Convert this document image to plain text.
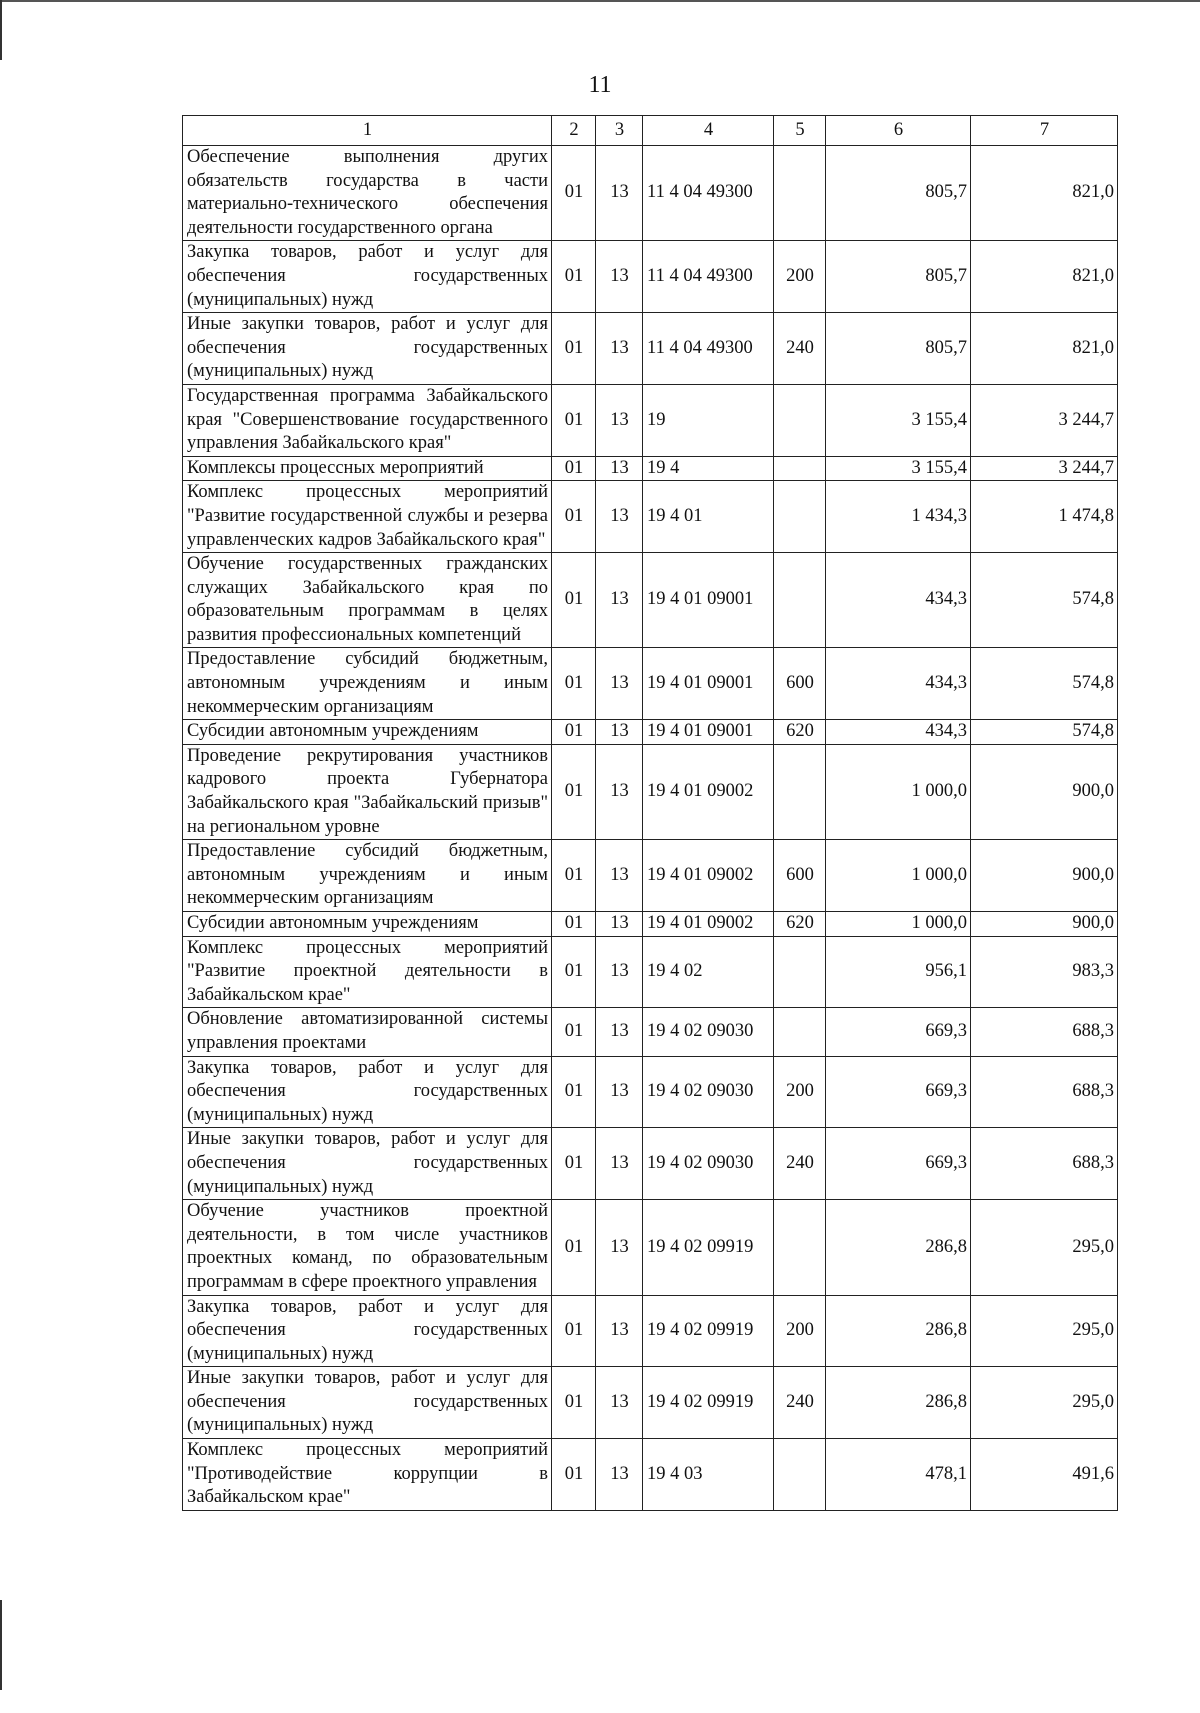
11
1	2	3	4	5	6	7
Обеспечение выполнения других обязательств государства в части материально-технического обеспечения деятельности государственного органа	01	13	11 4 04 49300		805,7	821,0
Закупка товаров, работ и услуг для обеспечения государственных (муниципальных) нужд	01	13	11 4 04 49300	200	805,7	821,0
Иные закупки товаров, работ и услуг для обеспечения государственных (муниципальных) нужд	01	13	11 4 04 49300	240	805,7	821,0
Государственная программа Забайкальского края "Совершенствование государственного управления Забайкальского края"	01	13	19		3 155,4	3 244,7
Комплексы процессных мероприятий	01	13	19 4		3 155,4	3 244,7
Комплекс процессных мероприятий "Развитие государственной службы и резерва управленческих кадров Забайкальского края"	01	13	19 4 01		1 434,3	1 474,8
Обучение государственных гражданских служащих Забайкальского края по образовательным программам в целях развития профессиональных компетенций	01	13	19 4 01 09001		434,3	574,8
Предоставление субсидий бюджетным, автономным учреждениям и иным некоммерческим организациям	01	13	19 4 01 09001	600	434,3	574,8
Субсидии автономным учреждениям	01	13	19 4 01 09001	620	434,3	574,8
Проведение рекрутирования участников кадрового проекта Губернатора Забайкальского края "Забайкальский призыв" на региональном уровне	01	13	19 4 01 09002		1 000,0	900,0
Предоставление субсидий бюджетным, автономным учреждениям и иным некоммерческим организациям	01	13	19 4 01 09002	600	1 000,0	900,0
Субсидии автономным учреждениям	01	13	19 4 01 09002	620	1 000,0	900,0
Комплекс процессных мероприятий "Развитие проектной деятельности в Забайкальском крае"	01	13	19 4 02		956,1	983,3
Обновление автоматизированной системы управления проектами	01	13	19 4 02 09030		669,3	688,3
Закупка товаров, работ и услуг для обеспечения государственных (муниципальных) нужд	01	13	19 4 02 09030	200	669,3	688,3
Иные закупки товаров, работ и услуг для обеспечения государственных (муниципальных) нужд	01	13	19 4 02 09030	240	669,3	688,3
Обучение участников проектной деятельности, в том числе участников проектных команд, по образовательным программам в сфере проектного управления	01	13	19 4 02 09919		286,8	295,0
Закупка товаров, работ и услуг для обеспечения государственных (муниципальных) нужд	01	13	19 4 02 09919	200	286,8	295,0
Иные закупки товаров, работ и услуг для обеспечения государственных (муниципальных) нужд	01	13	19 4 02 09919	240	286,8	295,0
Комплекс процессных мероприятий "Противодействие коррупции в Забайкальском крае"	01	13	19 4 03		478,1	491,6
